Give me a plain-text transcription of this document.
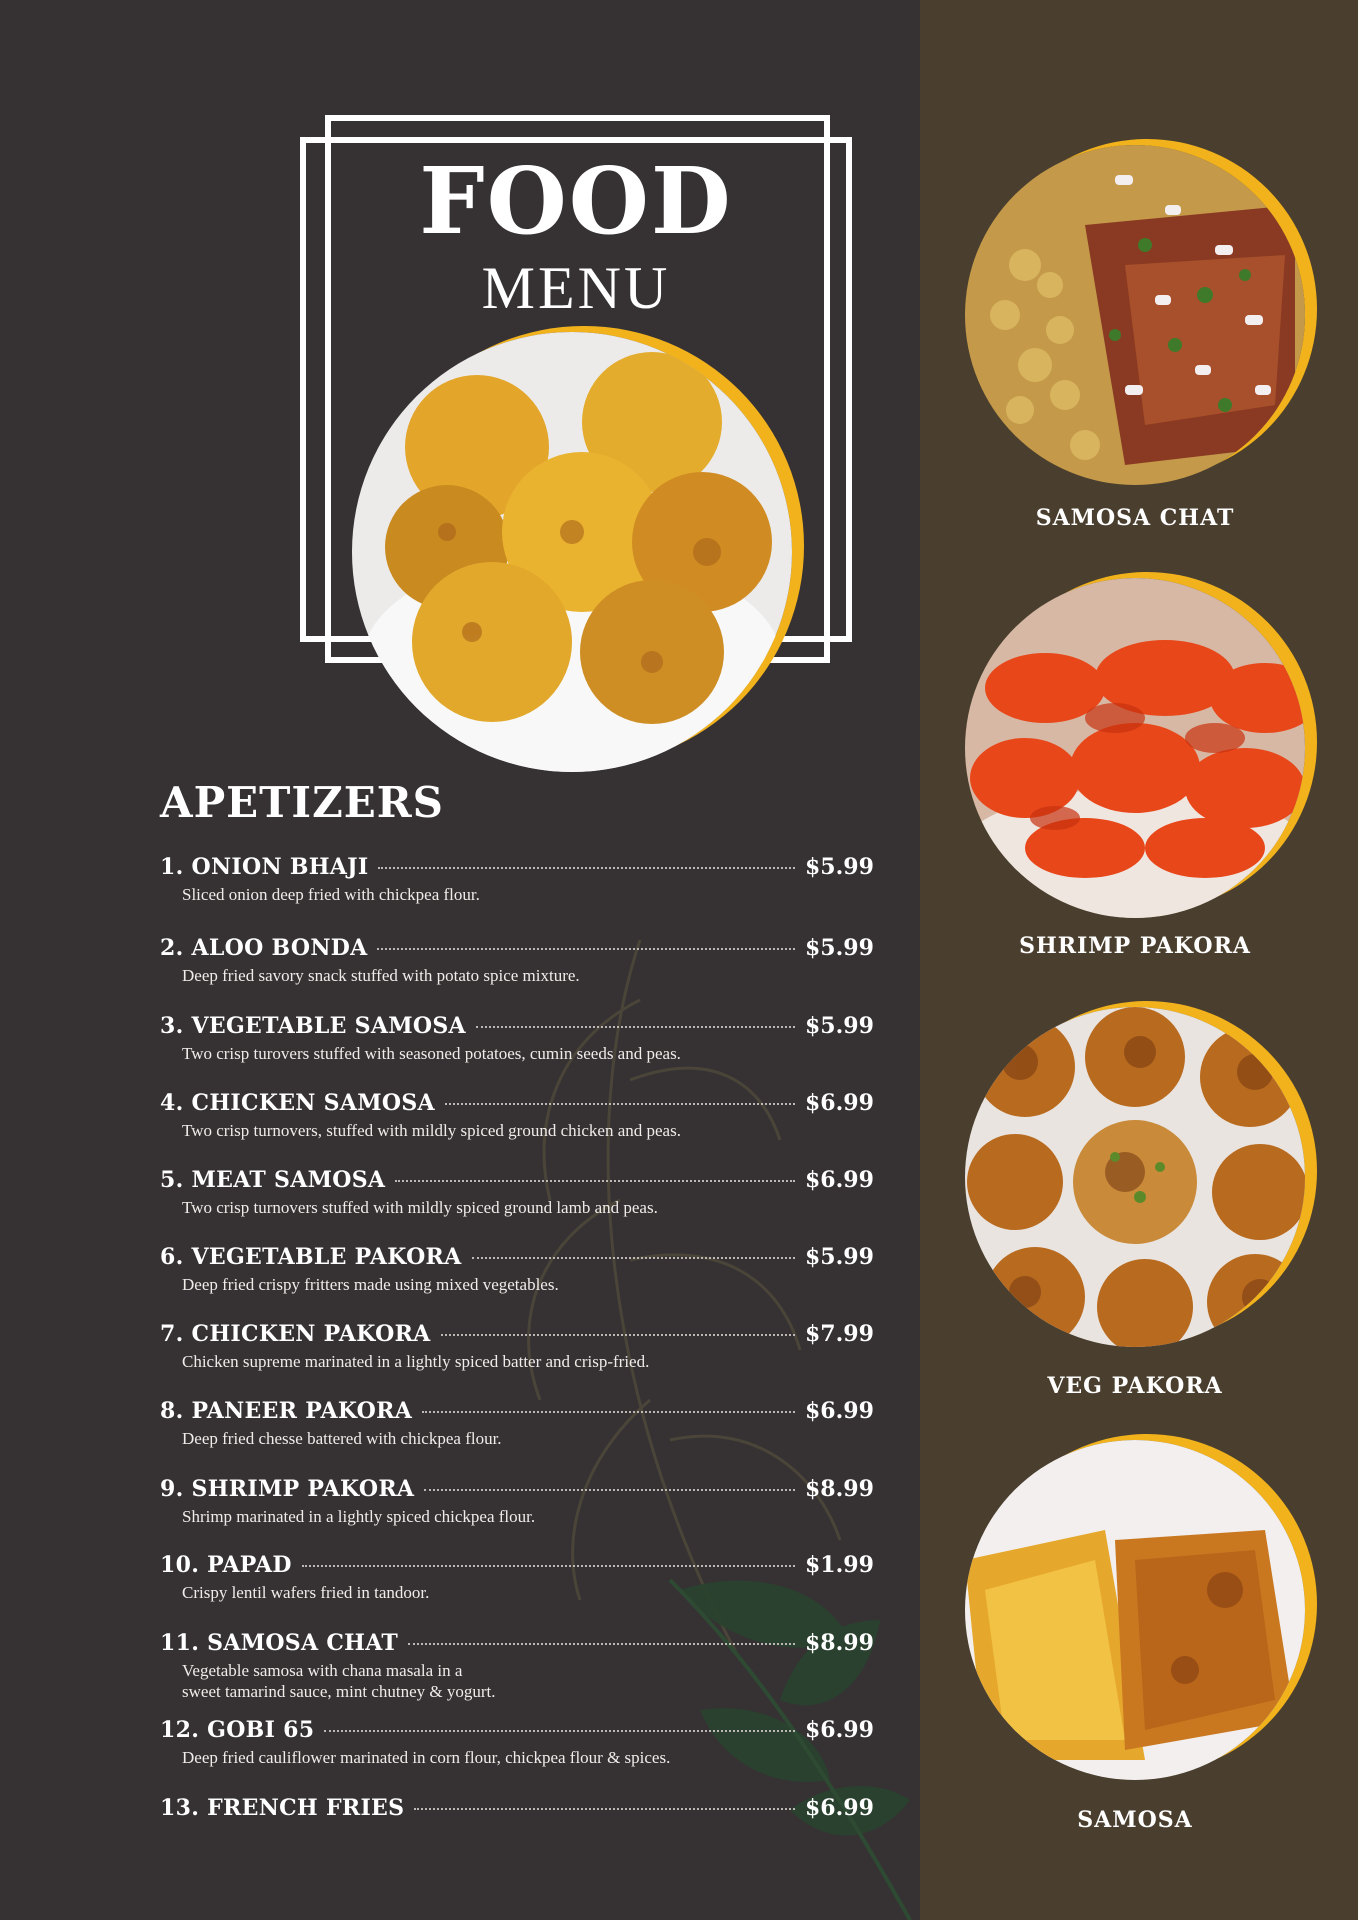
FOOD
MENU
APETIZERS
1. ONION BHAJI	$5.99
Sliced onion deep fried with chickpea flour.
2. ALOO BONDA	$5.99
Deep fried savory snack stuffed with potato spice mixture.
3. VEGETABLE SAMOSA	$5.99
Two crisp turovers stuffed with seasoned potatoes, cumin seeds and peas.
4. CHICKEN SAMOSA	$6.99
Two crisp turnovers, stuffed with mildly spiced ground chicken and peas.
5. MEAT SAMOSA	$6.99
Two crisp turnovers stuffed with mildly spiced ground lamb and peas.
6. VEGETABLE PAKORA	$5.99
Deep fried crispy fritters made using mixed vegetables.
7. CHICKEN PAKORA	$7.99
Chicken supreme marinated in a lightly spiced batter and crisp-fried.
8. PANEER PAKORA	$6.99
Deep fried chesse battered with chickpea flour.
9. SHRIMP PAKORA	$8.99
Shrimp marinated in a lightly spiced chickpea flour.
10. PAPAD	$1.99
Crispy lentil wafers fried in tandoor.
11. SAMOSA CHAT	$8.99
Vegetable samosa with chana masala in a
sweet tamarind sauce, mint chutney & yogurt.
12. GOBI 65	$6.99
Deep fried cauliflower marinated in corn flour, chickpea flour & spices.
13. FRENCH FRIES	$6.99
SAMOSA CHAT
SHRIMP PAKORA
VEG PAKORA
SAMOSA
